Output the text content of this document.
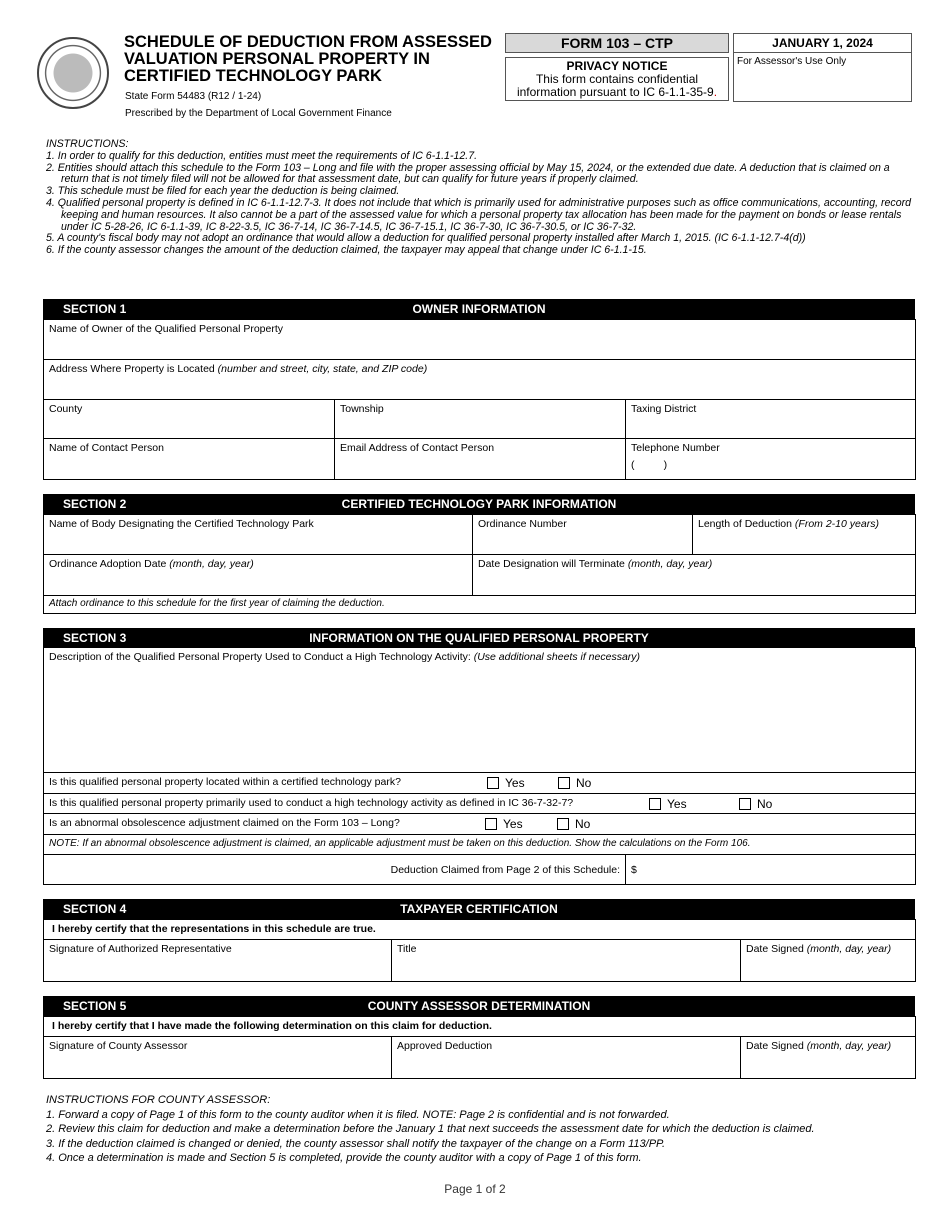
SCHEDULE OF DEDUCTION FROM ASSESSED
VALUATION PERSONAL PROPERTY IN
CERTIFIED TECHNOLOGY PARK
State Form 54483 (R12 / 1-24)
Prescribed by the Department of Local Government Finance
FORM 103 – CTP
PRIVACY NOTICE
This form contains confidential information pursuant to IC 6-1.1-35-9.
JANUARY 1, 2024
For Assessor's Use Only
INSTRUCTIONS:
1. In order to qualify for this deduction, entities must meet the requirements of IC 6-1.1-12.7.
2. Entities should attach this schedule to the Form 103 – Long and file with the proper assessing official by May 15, 2024, or the extended due date. A deduction that is claimed on a return that is not timely filed will not be allowed for that assessment date, but can qualify for future years if properly claimed.
3. This schedule must be filed for each year the deduction is being claimed.
4. Qualified personal property is defined in IC 6-1.1-12.7-3. It does not include that which is primarily used for administrative purposes such as office communications, accounting, record keeping and human resources. It also cannot be a part of the assessed value for which a personal property tax allocation has been made for the payment on bonds or lease rentals under IC 5-28-26, IC 6-1.1-39, IC 8-22-3.5, IC 36-7-14, IC 36-7-14.5, IC 36-7-15.1, IC 36-7-30, IC 36-7-30.5, or IC 36-7-32.
5. A county's fiscal body may not adopt an ordinance that would allow a deduction for qualified personal property installed after March 1, 2015. (IC 6-1.1-12.7-4(d))
6. If the county assessor changes the amount of the deduction claimed, the taxpayer may appeal that change under IC 6-1.1-15.
SECTION 1	OWNER INFORMATION
Name of Owner of the Qualified Personal Property
Address Where Property is Located (number and street, city, state, and ZIP code)
County	Township	Taxing District
Name of Contact Person	Email Address of Contact Person	Telephone Number
(          )
SECTION 2	CERTIFIED TECHNOLOGY PARK INFORMATION
Name of Body Designating the Certified Technology Park	Ordinance Number	Length of Deduction (From 2-10 years)
Ordinance Adoption Date (month, day, year)	Date Designation will Terminate (month, day, year)
Attach ordinance to this schedule for the first year of claiming the deduction.
SECTION 3	INFORMATION ON THE QUALIFIED PERSONAL PROPERTY
Description of the Qualified Personal Property Used to Conduct a High Technology Activity: (Use additional sheets if necessary)
Is this qualified personal property located within a certified technology park?	Yes	No
Is this qualified personal property primarily used to conduct a high technology activity as defined in IC 36-7-32-7?	Yes	No
Is an abnormal obsolescence adjustment claimed on the Form 103 – Long?	Yes	No
NOTE: If an abnormal obsolescence adjustment is claimed, an applicable adjustment must be taken on this deduction. Show the calculations on the Form 106.
Deduction Claimed from Page 2 of this Schedule:	$
SECTION 4	TAXPAYER CERTIFICATION
I hereby certify that the representations in this schedule are true.
Signature of Authorized Representative	Title	Date Signed (month, day, year)
SECTION 5	COUNTY ASSESSOR DETERMINATION
I hereby certify that I have made the following determination on this claim for deduction.
Signature of County Assessor	Approved Deduction	Date Signed (month, day, year)
INSTRUCTIONS FOR COUNTY ASSESSOR:
1. Forward a copy of Page 1 of this form to the county auditor when it is filed. NOTE: Page 2 is confidential and is not forwarded.
2. Review this claim for deduction and make a determination before the January 1 that next succeeds the assessment date for which the deduction is claimed.
3. If the deduction claimed is changed or denied, the county assessor shall notify the taxpayer of the change on a Form 113/PP.
4. Once a determination is made and Section 5 is completed, provide the county auditor with a copy of Page 1 of this form.
Page 1 of 2
